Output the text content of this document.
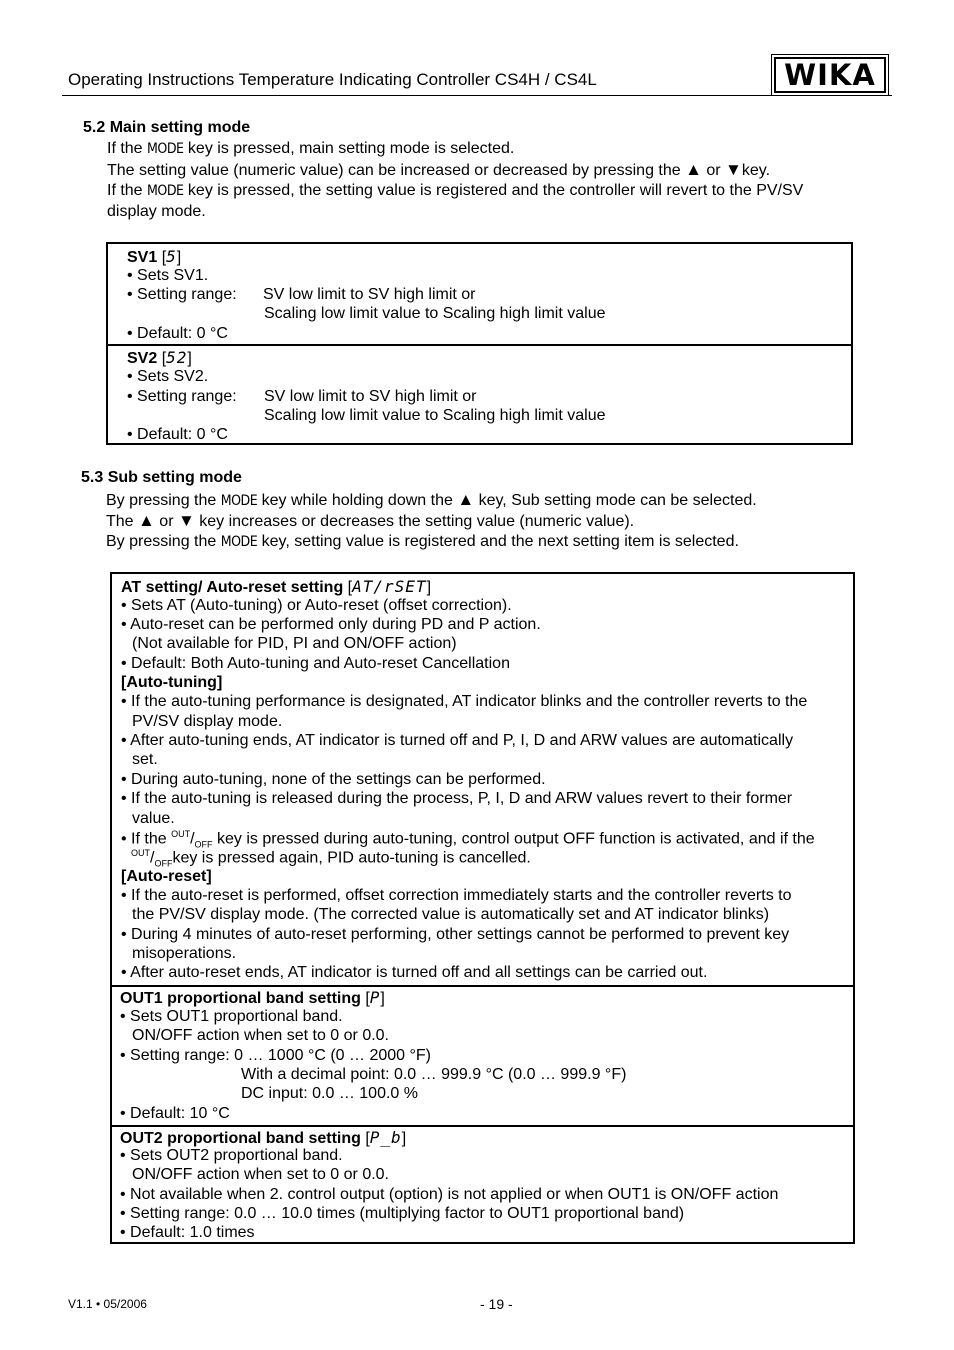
Operating Instructions Temperature Indicating Controller CS4H / CS4L	WIKA
5.2 Main setting mode
If the MODE key is pressed, main setting mode is selected.
The setting value (numeric value) can be increased or decreased by pressing the ▲ or ▼key.
If the MODE key is pressed, the setting value is registered and the controller will revert to the PV/SV
display mode.
SV1 [5]
• Sets SV1.
• Setting range: SV low limit to SV high limit or
Scaling low limit value to Scaling high limit value
• Default: 0 °C
SV2 [52]
• Sets SV2.
• Setting range: SV low limit to SV high limit or
Scaling low limit value to Scaling high limit value
• Default: 0 °C
5.3 Sub setting mode
By pressing the MODE key while holding down the ▲ key, Sub setting mode can be selected.
The ▲ or ▼ key increases or decreases the setting value (numeric value).
By pressing the MODE key, setting value is registered and the next setting item is selected.
AT setting/ Auto-reset setting [AT/rSET]
• Sets AT (Auto-tuning) or Auto-reset (offset correction).
• Auto-reset can be performed only during PD and P action.
(Not available for PID, PI and ON/OFF action)
• Default: Both Auto-tuning and Auto-reset Cancellation
[Auto-tuning]
• If the auto-tuning performance is designated, AT indicator blinks and the controller reverts to the
PV/SV display mode.
• After auto-tuning ends, AT indicator is turned off and P, I, D and ARW values are automatically
set.
• During auto-tuning, none of the settings can be performed.
• If the auto-tuning is released during the process, P, I, D and ARW values revert to their former
value.
• If the $^{OUT}/_{OFF}$ key is pressed during auto-tuning, control output OFF function is activated, and if the
$^{OUT}/_{OFF}key$ is pressed again, PID auto-tuning is cancelled.
[Auto-reset]
• If the auto-reset is performed, offset correction immediately starts and the controller reverts to
the PV/SV display mode. (The corrected value is automatically set and AT indicator blinks)
• During 4 minutes of auto-reset performing, other settings cannot be performed to prevent key
misoperations.
• After auto-reset ends, AT indicator is turned off and all settings can be carried out.
OUT1 proportional band setting [P]
• Sets OUT1 proportional band.
ON/OFF action when set to 0 or 0.0.
• Setting range: 0 … 1000 °C (0 … 2000 °F)
With a decimal point: 0.0 … 999.9 °C (0.0 … 999.9 °F)
DC input: 0.0 … 100.0 %
• Default: 10 °C
OUT2 proportional band setting [P_b]
• Sets OUT2 proportional band.
ON/OFF action when set to 0 or 0.0.
• Not available when 2. control output (option) is not applied or when OUT1 is ON/OFF action
• Setting range: 0.0 … 10.0 times (multiplying factor to OUT1 proportional band)
• Default: 1.0 times
V1.1 • 05/2006	- 19 -
